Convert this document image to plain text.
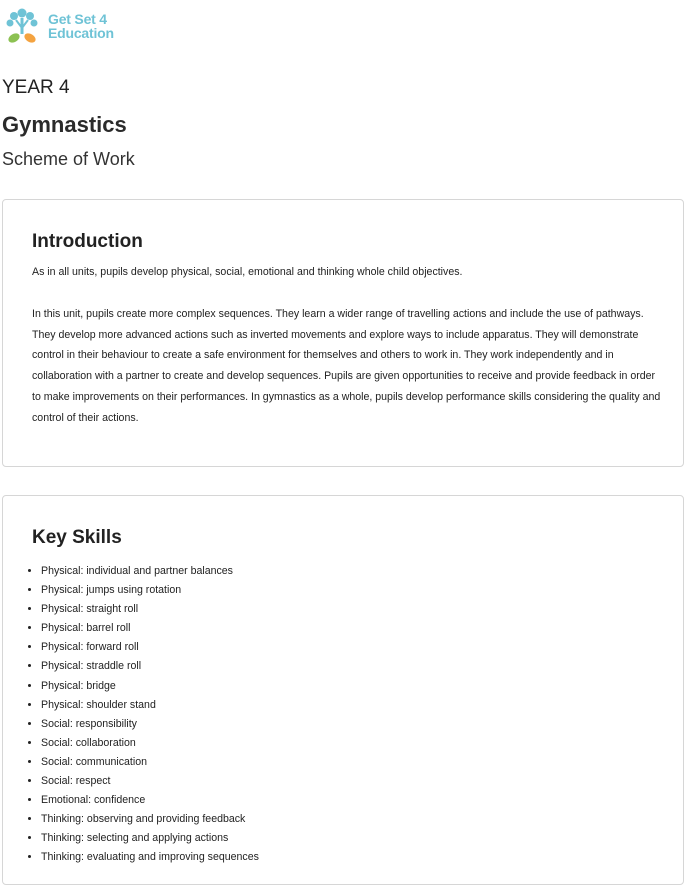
Get Set 4
Education
YEAR 4
Gymnastics
Scheme of Work
Introduction
As in all units, pupils develop physical, social, emotional and thinking whole child objectives.
In this unit, pupils create more complex sequences. They learn a wider range of travelling actions and include the use of pathways. They develop more advanced actions such as inverted movements and explore ways to include apparatus. They will demonstrate control in their behaviour to create a safe environment for themselves and others to work in. They work independently and in collaboration with a partner to create and develop sequences. Pupils are given opportunities to receive and provide feedback in order to make improvements on their performances. In gymnastics as a whole, pupils develop performance skills considering the quality and control of their actions.
Key Skills
• Physical: individual and partner balances
• Physical: jumps using rotation
• Physical: straight roll
• Physical: barrel roll
• Physical: forward roll
• Physical: straddle roll
• Physical: bridge
• Physical: shoulder stand
• Social: responsibility
• Social: collaboration
• Social: communication
• Social: respect
• Emotional: confidence
• Thinking: observing and providing feedback
• Thinking: selecting and applying actions
• Thinking: evaluating and improving sequences
